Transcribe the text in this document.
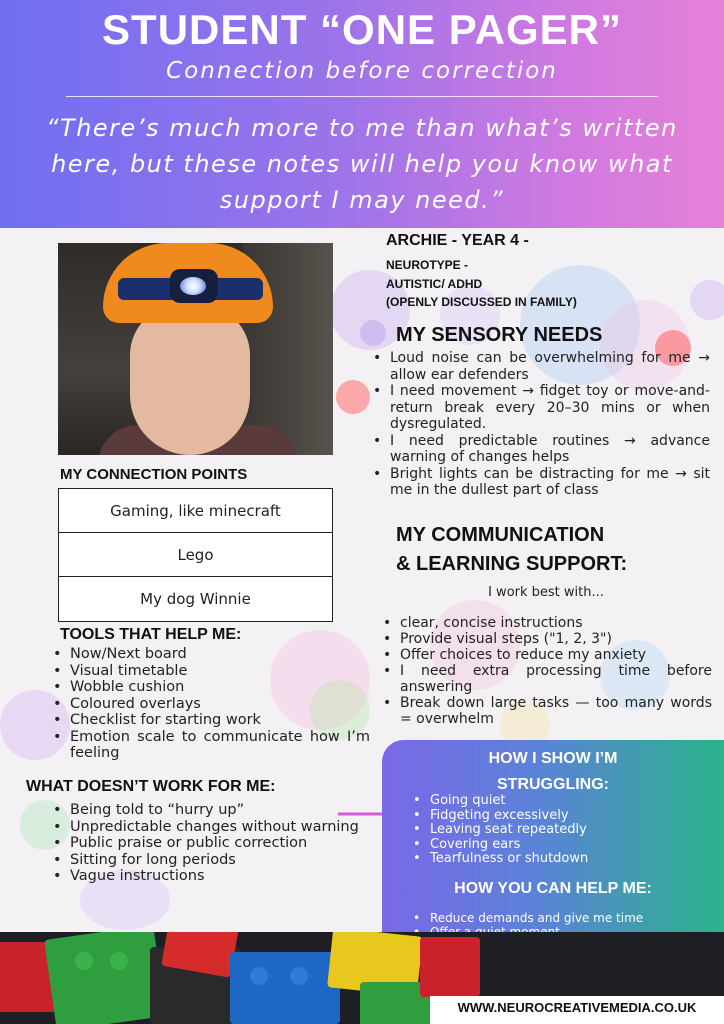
STUDENT “ONE PAGER”
Connection before correction
“There’s much more to me than what’s written here, but these notes will help you know what support I may need.”
ARCHIE - YEAR 4 -
NEUROTYPE -
AUTISTIC/ ADHD
(OPENLY DISCUSSED IN FAMILY)
MY SENSORY NEEDS
• Loud noise can be overwhelming for me → allow ear defenders
• I need movement → fidget toy or move-and-return break every 20–30 mins or when dysregulated.
• I need predictable routines → advance warning of changes helps
• Bright lights can be distracting for me → sit me in the dullest part of class
MY CONNECTION POINTS
Gaming, like minecraft
Lego
My dog Winnie
MY COMMUNICATION
& LEARNING SUPPORT:
I work best with...
• clear, concise instructions
• Provide visual steps ("1, 2, 3")
• Offer choices to reduce my anxiety
• I need extra processing time before answering
• Break down large tasks — too many words = overwhelm
TOOLS THAT HELP ME:
• Now/Next board
• Visual timetable
• Wobble cushion
• Coloured overlays
• Checklist for starting work
• Emotion scale to communicate how I’m feeling
WHAT DOESN’T WORK FOR ME:
• Being told to “hurry up”
• Unpredictable changes without warning
• Public praise or public correction
• Sitting for long periods
• Vague instructions
HOW I SHOW I’M
STRUGGLING:
• Going quiet
• Fidgeting excessively
• Leaving seat repeatedly
• Covering ears
• Tearfulness or shutdown
HOW YOU CAN HELP ME:
• Reduce demands and give me time
•
•
•
WWW.NEUROCREATIVEMEDIA.CO.UK
